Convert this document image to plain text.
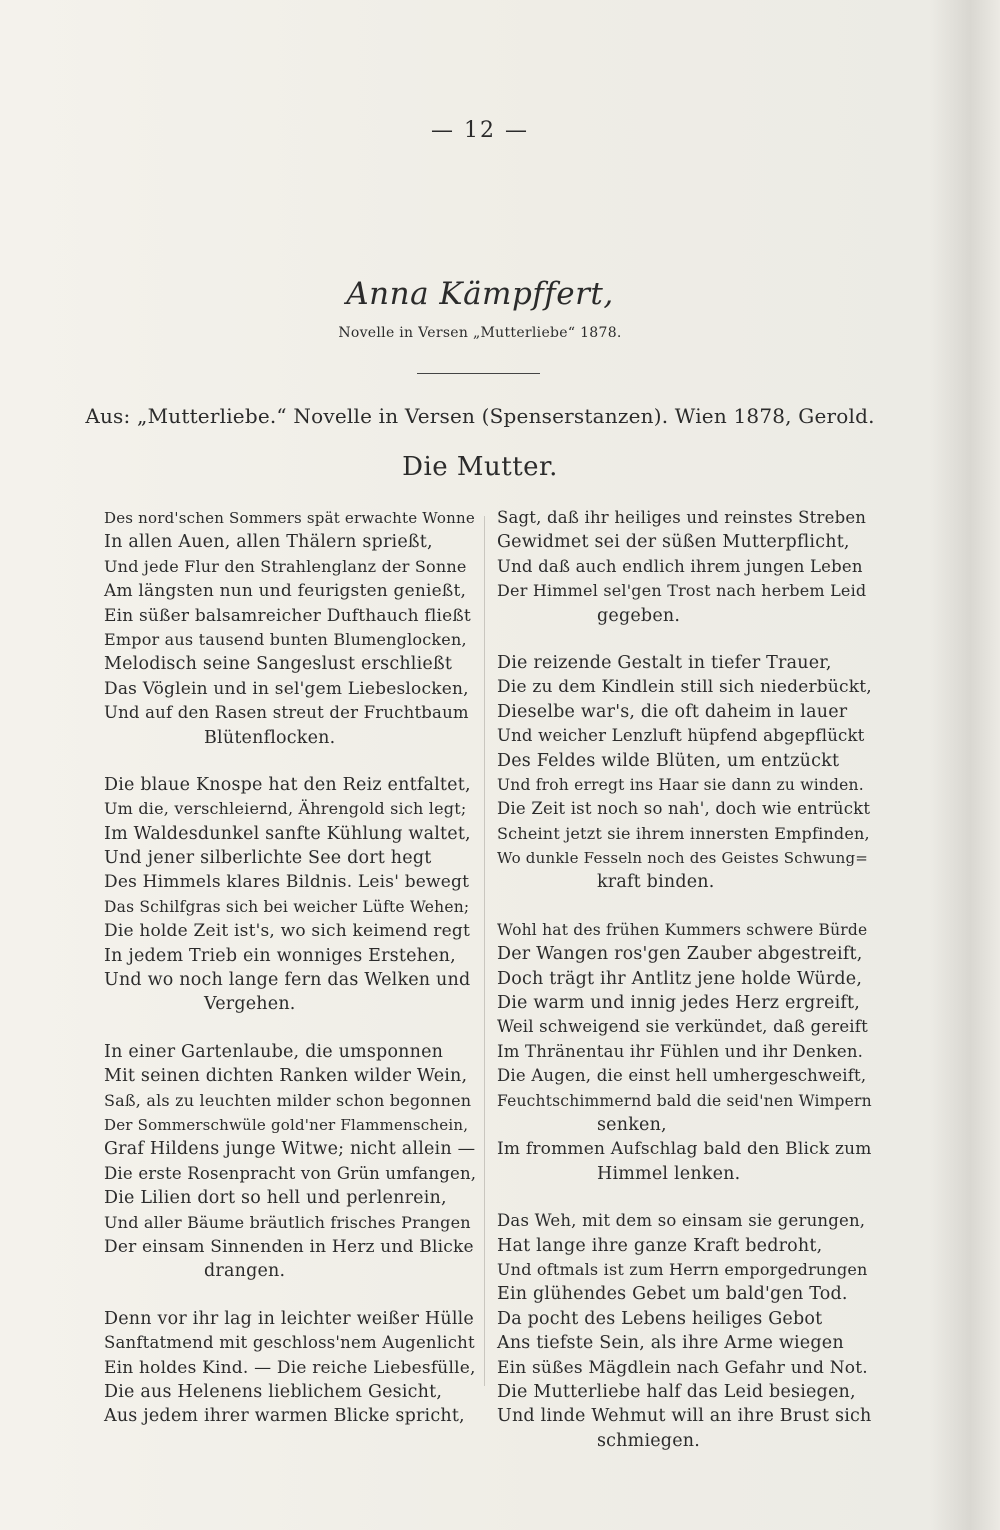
— 12 —
Anna Kämpffert,
Novelle in Versen „Mutterliebe“ 1878.
Aus: „Mutterliebe.“ Novelle in Versen (Spenserstanzen). Wien 1878, Gerold.
Die Mutter.
Des nord'schen Sommers spät erwachte Wonne
In allen Auen, allen Thälern sprießt,
Und jede Flur den Strahlenglanz der Sonne
Am längsten nun und feurigsten genießt,
Ein süßer balsamreicher Dufthauch fließt
Empor aus tausend bunten Blumenglocken,
Melodisch seine Sangeslust erschließt
Das Vöglein und in sel'gem Liebeslocken,
Und auf den Rasen streut der Fruchtbaum
Blütenflocken.
Die blaue Knospe hat den Reiz entfaltet,
Um die, verschleiernd, Ährengold sich legt;
Im Waldesdunkel sanfte Kühlung waltet,
Und jener silberlichte See dort hegt
Des Himmels klares Bildnis. Leis' bewegt
Das Schilfgras sich bei weicher Lüfte Wehen;
Die holde Zeit ist's, wo sich keimend regt
In jedem Trieb ein wonniges Erstehen,
Und wo noch lange fern das Welken und
Vergehen.
In einer Gartenlaube, die umsponnen
Mit seinen dichten Ranken wilder Wein,
Saß, als zu leuchten milder schon begonnen
Der Sommerschwüle gold'ner Flammenschein,
Graf Hildens junge Witwe; nicht allein —
Die erste Rosenpracht von Grün umfangen,
Die Lilien dort so hell und perlenrein,
Und aller Bäume bräutlich frisches Prangen
Der einsam Sinnenden in Herz und Blicke
drangen.
Denn vor ihr lag in leichter weißer Hülle
Sanftatmend mit geschloss'nem Augenlicht
Ein holdes Kind. — Die reiche Liebesfülle,
Die aus Helenens lieblichem Gesicht,
Aus jedem ihrer warmen Blicke spricht,
Sagt, daß ihr heiliges und reinstes Streben
Gewidmet sei der süßen Mutterpflicht,
Und daß auch endlich ihrem jungen Leben
Der Himmel sel'gen Trost nach herbem Leid
gegeben.
Die reizende Gestalt in tiefer Trauer,
Die zu dem Kindlein still sich niederbückt,
Dieselbe war's, die oft daheim in lauer
Und weicher Lenzluft hüpfend abgepflückt
Des Feldes wilde Blüten, um entzückt
Und froh erregt ins Haar sie dann zu winden.
Die Zeit ist noch so nah', doch wie entrückt
Scheint jetzt sie ihrem innersten Empfinden,
Wo dunkle Fesseln noch des Geistes Schwung=
kraft binden.
Wohl hat des frühen Kummers schwere Bürde
Der Wangen ros'gen Zauber abgestreift,
Doch trägt ihr Antlitz jene holde Würde,
Die warm und innig jedes Herz ergreift,
Weil schweigend sie verkündet, daß gereift
Im Thränentau ihr Fühlen und ihr Denken.
Die Augen, die einst hell umhergeschweift,
Feuchtschimmernd bald die seid'nen Wimpern
senken,
Im frommen Aufschlag bald den Blick zum
Himmel lenken.
Das Weh, mit dem so einsam sie gerungen,
Hat lange ihre ganze Kraft bedroht,
Und oftmals ist zum Herrn emporgedrungen
Ein glühendes Gebet um bald'gen Tod.
Da pocht des Lebens heiliges Gebot
Ans tiefste Sein, als ihre Arme wiegen
Ein süßes Mägdlein nach Gefahr und Not.
Die Mutterliebe half das Leid besiegen,
Und linde Wehmut will an ihre Brust sich
schmiegen.
